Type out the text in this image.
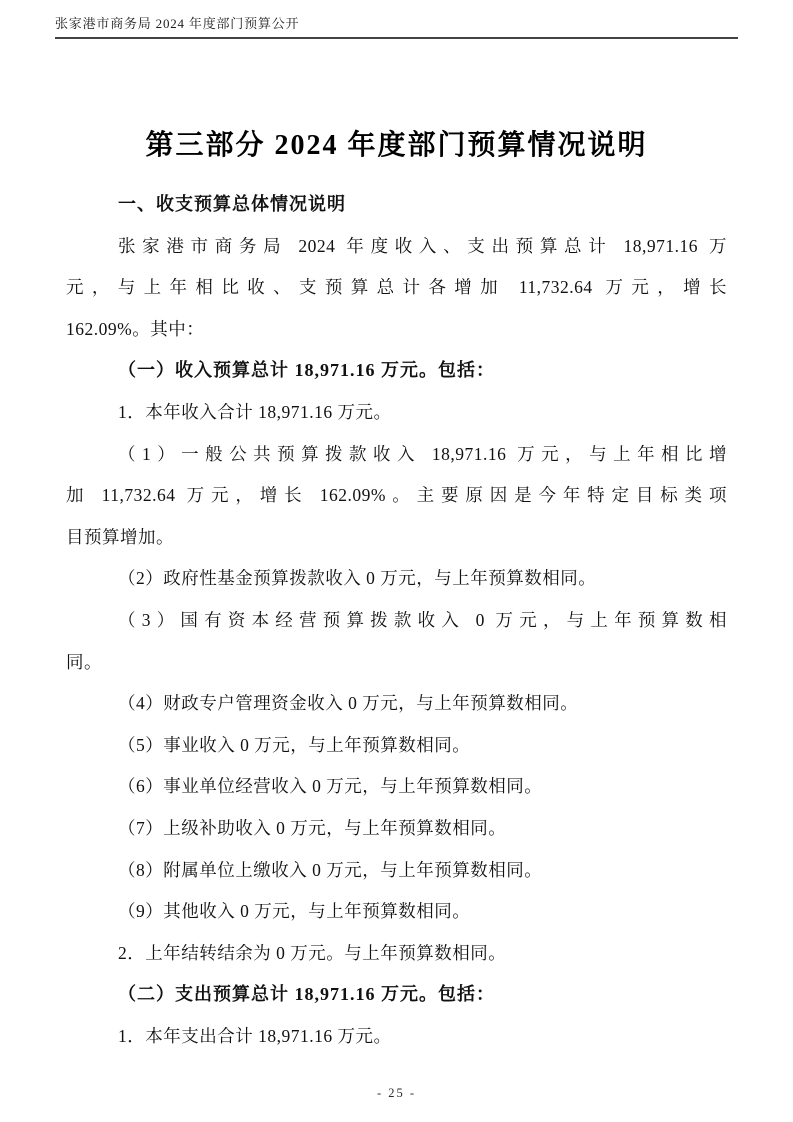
张家港市商务局 2024 年度部门预算公开
第三部分 2024 年度部门预算情况说明
一、收支预算总体情况说明
张家港市商务局 2024 年度收入、支出预算总计 18,971.16 万
元，与上年相比收、支预算总计各增加 11,732.64 万元，增长
162.09%。其中：
（一）收入预算总计 18,971.16 万元。包括：
1．本年收入合计 18,971.16 万元。
（1）一般公共预算拨款收入 18,971.16 万元，与上年相比增
加 11,732.64 万元，增长 162.09%。主要原因是今年特定目标类项
目预算增加。
（2）政府性基金预算拨款收入 0 万元，与上年预算数相同。
（3）国有资本经营预算拨款收入 0 万元，与上年预算数相
同。
（4）财政专户管理资金收入 0 万元，与上年预算数相同。
（5）事业收入 0 万元，与上年预算数相同。
（6）事业单位经营收入 0 万元，与上年预算数相同。
（7）上级补助收入 0 万元，与上年预算数相同。
（8）附属单位上缴收入 0 万元，与上年预算数相同。
（9）其他收入 0 万元，与上年预算数相同。
2．上年结转结余为 0 万元。与上年预算数相同。
（二）支出预算总计 18,971.16 万元。包括：
1．本年支出合计 18,971.16 万元。
- 25 -
